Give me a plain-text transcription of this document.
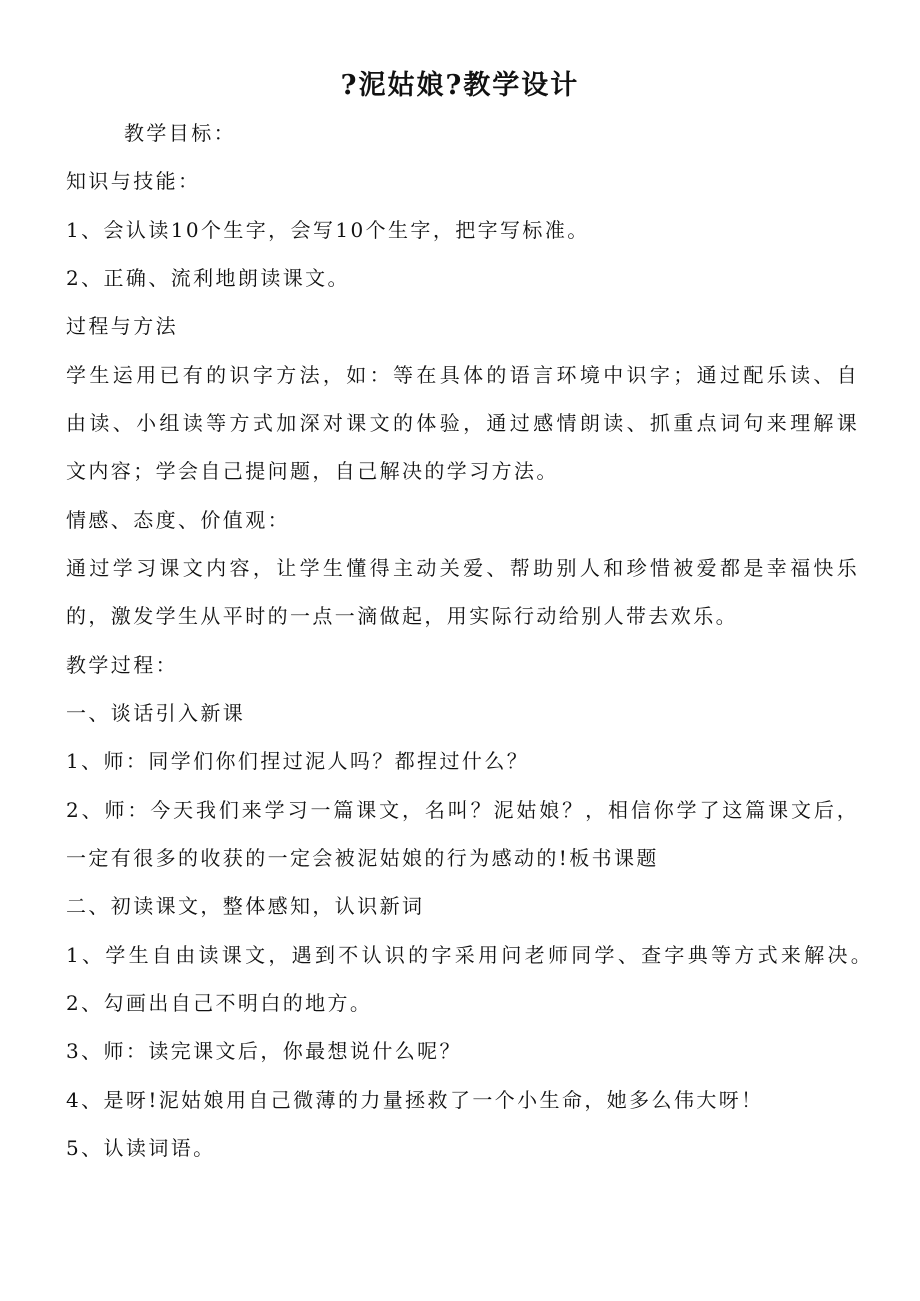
?泥姑娘?教学设计
教学目标：
知识与技能：
1、会认读10个生字，会写10个生字，把字写标准。
2、正确、流利地朗读课文。
过程与方法
学生运用已有的识字方法，如：等在具体的语言环境中识字；通过配乐读、自
由读、小组读等方式加深对课文的体验，通过感情朗读、抓重点词句来理解课
文内容；学会自己提问题，自己解决的学习方法。
情感、态度、价值观：
通过学习课文内容，让学生懂得主动关爱、帮助别人和珍惜被爱都是幸福快乐
的，激发学生从平时的一点一滴做起，用实际行动给别人带去欢乐。
教学过程：
一、谈话引入新课
1、师：同学们你们捏过泥人吗？都捏过什么？
2、师：今天我们来学习一篇课文，名叫？泥姑娘？，相信你学了这篇课文后，
一定有很多的收获的一定会被泥姑娘的行为感动的!板书课题
二、初读课文，整体感知，认识新词
1、学生自由读课文，遇到不认识的字采用问老师同学、查字典等方式来解决。
2、勾画出自己不明白的地方。
3、师：读完课文后，你最想说什么呢？
4、是呀!泥姑娘用自己微薄的力量拯救了一个小生命，她多么伟大呀！
5、认读词语。
